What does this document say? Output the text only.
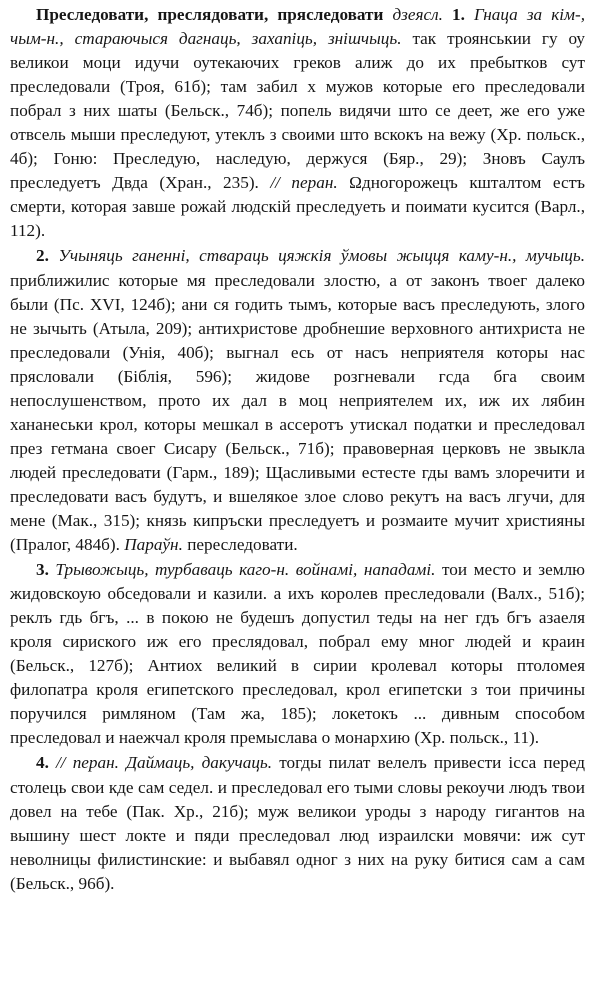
Преследовати, преслядовати, пряследовати дзеясл. 1. Гнаца за кім-, чым-н., стараючыся дагнаць, захапіць, знішчыць. так троянськии гу оу великои моци идучи оутекаючих греков алиж до их пребытков сут преследовали (Троя, 61б); там забил х мужов которые его преследовали побрал з них шаты (Бельск., 74б); попель видячи што се деет, же его уже отвсель мыши преследуют, утеклъ з своими што вскокъ на вежу (Хр. польск., 4б); Гоню: Преследую, наследую, держуся (Бяр., 29); Зновъ Саулъ преследуетъ Двда (Хран., 235). // перан. Ωдногорожецъ кшталтом естъ смерти, которая завше рожай людскій преследуеть и поимати кусится (Варл., 112).

2. Учыняць ганенні, ствараць цяжкія ўмовы жыцця каму-н., мучыць. приближилис которые мя преследовали злостю, а от законъ твоег далеко были (Пс. XVI, 124б); ани ся годить тымъ, которые васъ преследують, злого не зычыть (Атыла, 209); антихристове дробнешие верховного антихриста не преследовали (Унія, 40б); выгнал есь от насъ неприятеля которы нас прясловали (Біблія, 596); жидове розгневали гсда бга своим непослушенством, прото их дал в моц неприятелем их, иж их лябин хананеськи крол, которы мешкал в ассеротъ утискал податки и преследовал през гетмана своег Сисару (Бельск., 71б); правоверная церковъ не звыкла людей преследовати (Гарм., 189); Щасливыми естесте гды вамъ злоречити и преследовати васъ будутъ, и вшелякое злое слово рекутъ на васъ лгучи, для мене (Мак., 315); князь кипръски преследуетъ и розмаите мучит християны (Пралог, 484б). Параўн. переследовати.

3. Трывожыць, турбаваць каго-н. войнамі, нападамі. тои место и землю жидовскоую обседовали и казили. а ихъ королев преследовали (Валх., 51б); реклъ гдь бгъ, ... в покою не будешъ допустил теды на нег гдъ бгъ азаеля кроля сириского иж его преслядовал, побрал ему мног людей и краин (Бельск., 127б); Антиох великий в сирии кролевал которы птоломея филопатра кроля египетского преследовал, крол египетски з тои причины поручился римляном (Там жа, 185); локетокъ ... дивным способом преследовал и наежчал кроля премыслава о монархию (Хр. польск., 11).

4. // перан. Даймаць, дакучаць. тогды пилат велелъ привести ісса перед столець свои кде сам седел. и преследовал его тыми словы рекоучи людъ твои довел на тебе (Пак. Хр., 21б); муж великои уроды з народу гигантов на вышину шест локте и пяди преследовал люд израилски мовячи: иж сут неволницы филистинские: и выбавял одног з них на руку битися сам а сам (Бельск., 96б).
